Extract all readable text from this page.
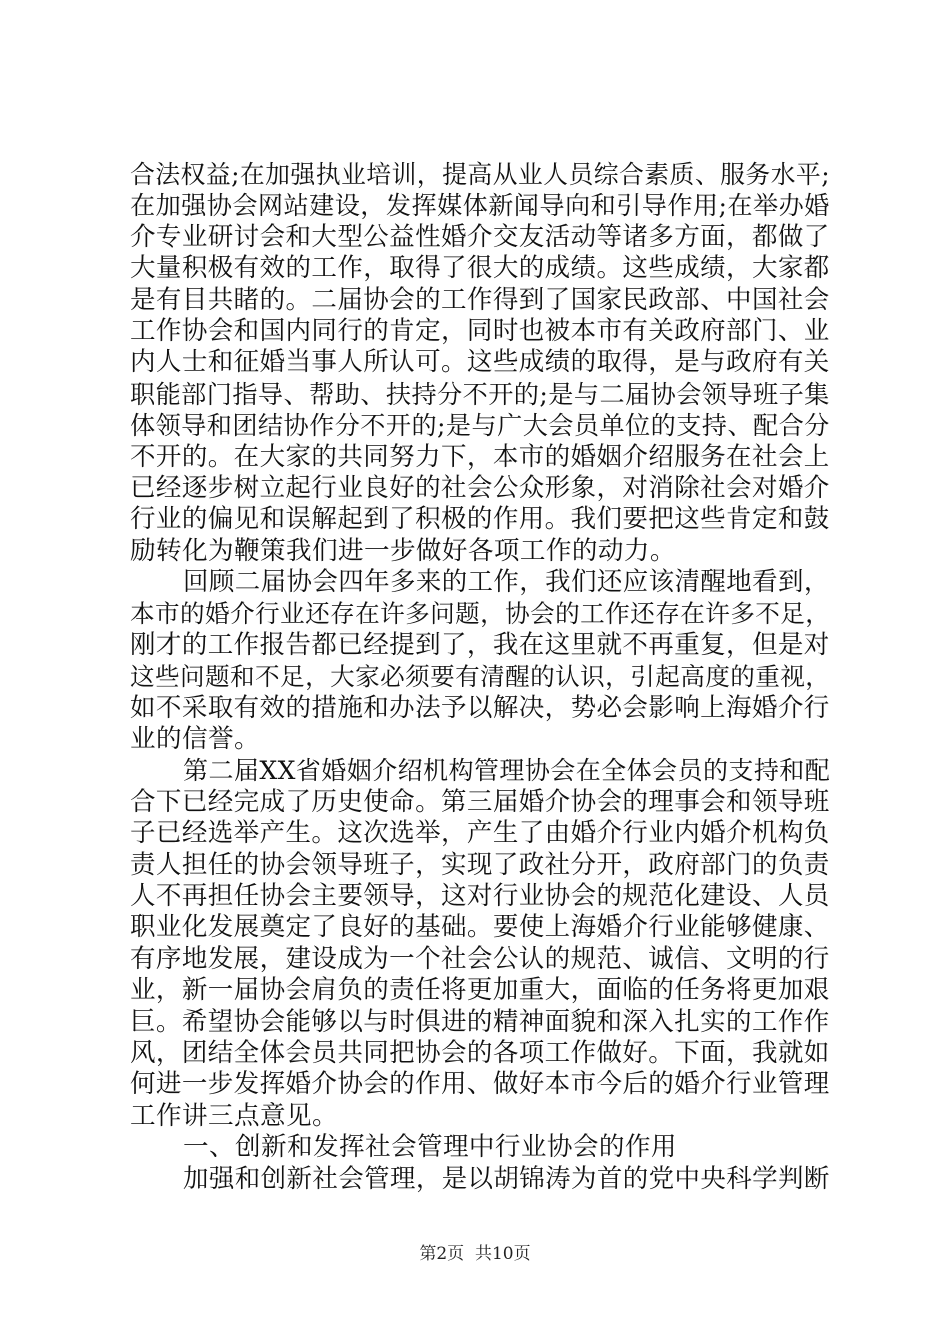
合法权益;在加强执业培训，提高从业人员综合素质、服务水平;
在加强协会网站建设，发挥媒体新闻导向和引导作用;在举办婚
介专业研讨会和大型公益性婚介交友活动等诸多方面，都做了
大量积极有效的工作，取得了很大的成绩。这些成绩，大家都
是有目共睹的。二届协会的工作得到了国家民政部、中国社会
工作协会和国内同行的肯定，同时也被本市有关政府部门、业
内人士和征婚当事人所认可。这些成绩的取得，是与政府有关
职能部门指导、帮助、扶持分不开的;是与二届协会领导班子集
体领导和团结协作分不开的;是与广大会员单位的支持、配合分
不开的。在大家的共同努力下，本市的婚姻介绍服务在社会上
已经逐步树立起行业良好的社会公众形象，对消除社会对婚介
行业的偏见和误解起到了积极的作用。我们要把这些肯定和鼓
励转化为鞭策我们进一步做好各项工作的动力。
回顾二届协会四年多来的工作，我们还应该清醒地看到，
本市的婚介行业还存在许多问题，协会的工作还存在许多不足，
刚才的工作报告都已经提到了，我在这里就不再重复，但是对
这些问题和不足，大家必须要有清醒的认识，引起高度的重视，
如不采取有效的措施和办法予以解决，势必会影响上海婚介行
业的信誉。
第二届XX省婚姻介绍机构管理协会在全体会员的支持和配
合下已经完成了历史使命。第三届婚介协会的理事会和领导班
子已经选举产生。这次选举，产生了由婚介行业内婚介机构负
责人担任的协会领导班子，实现了政社分开，政府部门的负责
人不再担任协会主要领导，这对行业协会的规范化建设、人员
职业化发展奠定了良好的基础。要使上海婚介行业能够健康、
有序地发展，建设成为一个社会公认的规范、诚信、文明的行
业，新一届协会肩负的责任将更加重大，面临的任务将更加艰
巨。希望协会能够以与时俱进的精神面貌和深入扎实的工作作
风，团结全体会员共同把协会的各项工作做好。下面，我就如
何进一步发挥婚介协会的作用、做好本市今后的婚介行业管理
工作讲三点意见。
一、创新和发挥社会管理中行业协会的作用
加强和创新社会管理，是以胡锦涛为首的党中央科学判断
第2页  共10页
